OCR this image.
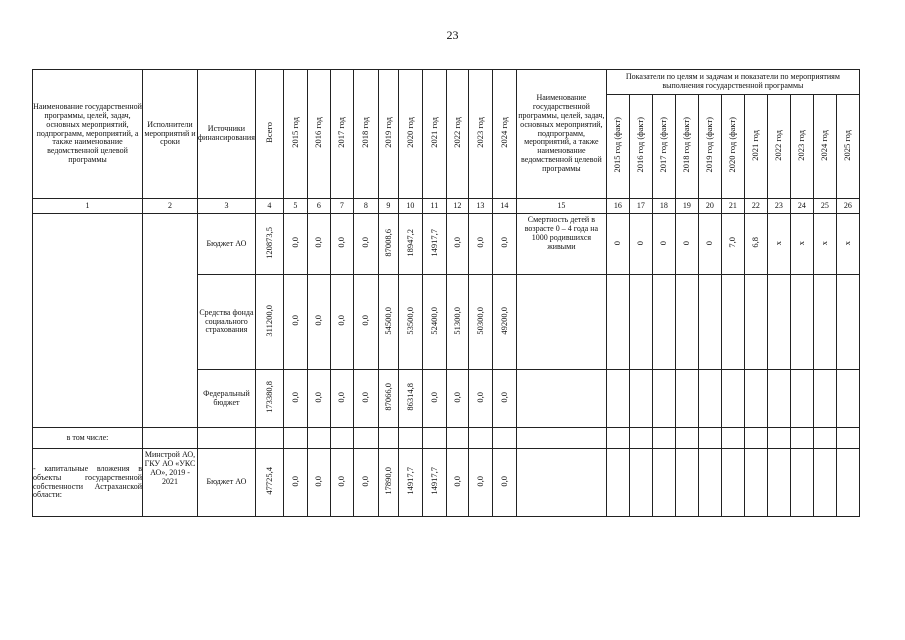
23
Наименование государственной программы, целей, задач, основных мероприятий, подпрограмм, мероприятий, а также наименование ведомственной целевой программы	Исполнители мероприятий и сроки	Источники финансирования	Всего	2015 год	2016 год	2017 год	2018 год	2019 год	2020 год	2021 год	2022 год	2023 год	2024 год	Наименование государственной программы, целей, задач, основных мероприятий, подпрограмм, мероприятий, а также наименование ведомственной целевой программы	Показатели по целям и задачам и показатели по мероприятиям выполнения государственной программы										
															2015 год (факт)	2016 год (факт)	2017 год (факт)	2018 год (факт)	2019 год (факт)	2020 год (факт)	2021 год	2022 год	2023 год	2024 год	2025 год
1	2	3	4	5	6	7	8	9	10	11	12	13	14	15	16	17	18	19	20	21	22	23	24	25	26
		Бюджет АО	120873,5	0,0	0,0	0,0	0,0	87008,6	18947,2	14917,7	0,0	0,0	0,0	Смертность детей в возрасте 0 – 4 года на 1000 родившихся живыми	0	0	0	0	0	7,0	6,8	x	x	x	x
		Средства фонда социального страхования	311200,0	0,0	0,0	0,0	0,0	54500,0	53500,0	52400,0	51300,0	50300,0	49200,0												
		Федеральный бюджет	173380,8	0,0	0,0	0,0	0,0	87066,0	86314,8	0,0	0,0	0,0	0,0												
в том числе:																									
- капитальные вложения в объекты государственной собственности Астраханской области:	Минстрой АО, ГКУ АО «УКС АО», 2019 - 2021	Бюджет АО	47725,4	0,0	0,0	0,0	0,0	17890,0	14917,7	14917,7	0,0	0,0	0,0												
